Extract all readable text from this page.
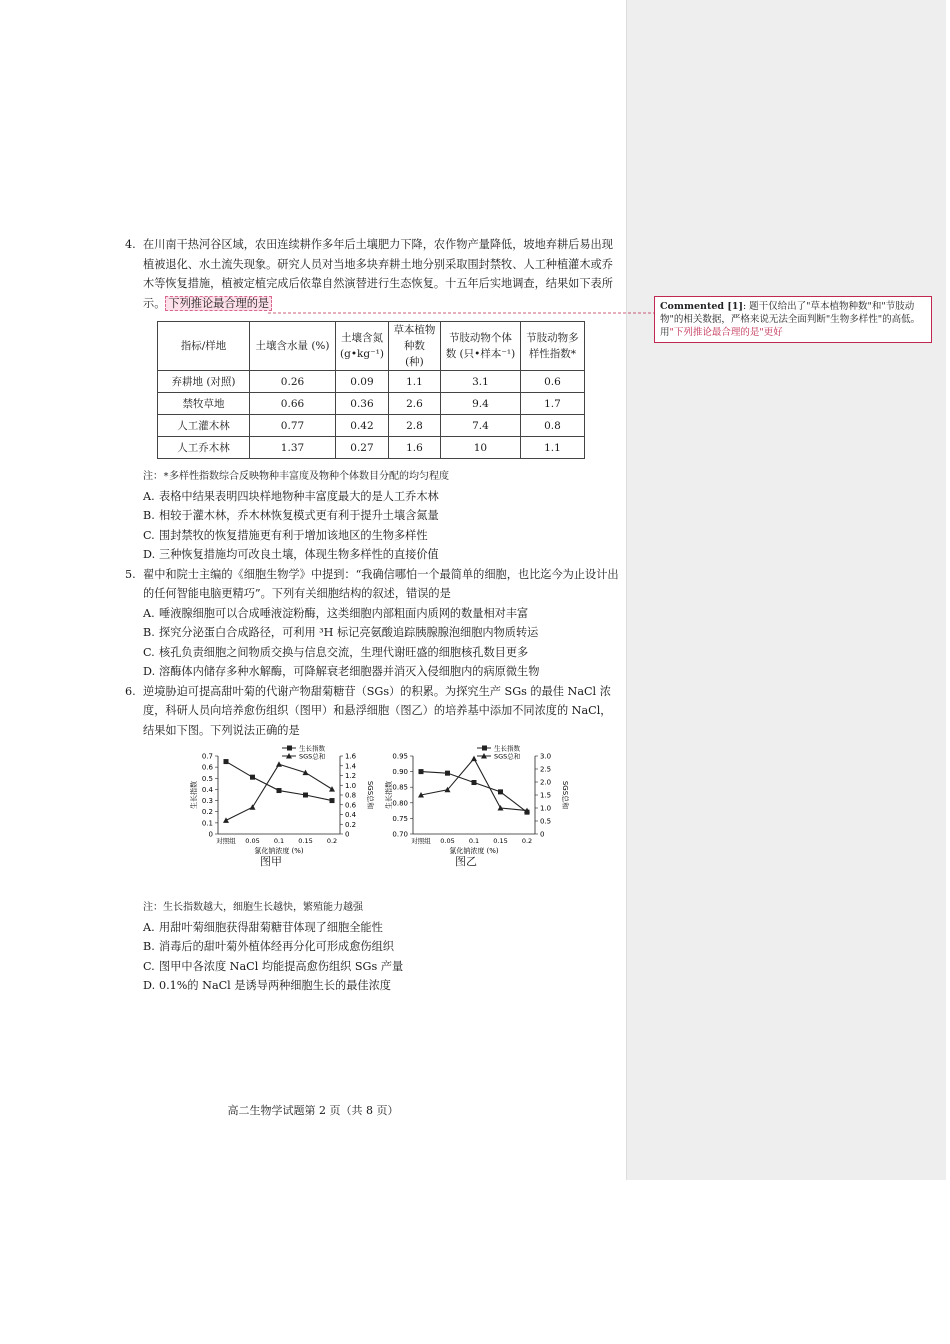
4. 在川南干热河谷区域，农田连续耕作多年后土壤肥力下降，农作物产量降低，坡地弃耕后易出现植被退化、水土流失现象。研究人员对当地多块弃耕土地分别采取围封禁牧、人工种植灌木或乔木等恢复措施，植被定植完成后依靠自然演替进行生态恢复。十五年后实地调查，结果如下表所示。 下列推论最合理的是
指标/样地	土壤含水量 (%)	土壤含氮 (g•kg⁻¹)	草本植物种数 (种)	节肢动物个体数 (只•样本⁻¹)	节肢动物多样性指数*
弃耕地 (对照)	0.26	0.09	1.1	3.1	0.6
禁牧草地	0.66	0.36	2.6	9.4	1.7
人工灌木林	0.77	0.42	2.8	7.4	0.8
人工乔木林	1.37	0.27	1.6	10	1.1
注：*多样性指数综合反映物种丰富度及物种个体数目分配的均匀程度
A. 表格中结果表明四块样地物种丰富度最大的是人工乔木林
B. 相较于灌木林，乔木林恢复模式更有利于提升土壤含氮量
C. 围封禁牧的恢复措施更有利于增加该地区的生物多样性
D. 三种恢复措施均可改良土壤，体现生物多样性的直接价值
5. 翟中和院士主编的《细胞生物学》中提到：“我确信哪怕一个最简单的细胞，也比迄今为止设计出的任何智能电脑更精巧”。下列有关细胞结构的叙述，错误的是
A. 唾液腺细胞可以合成唾液淀粉酶，这类细胞内部粗面内质网的数量相对丰富
B. 探究分泌蛋白合成路径，可利用 ³H 标记亮氨酸追踪胰腺腺泡细胞内物质转运
C. 核孔负责细胞之间物质交换与信息交流，生理代谢旺盛的细胞核孔数目更多
D. 溶酶体内储存多种水解酶，可降解衰老细胞器并消灭入侵细胞内的病原微生物
6. 逆境胁迫可提高甜叶菊的代谢产物甜菊糖苷（SGs）的积累。为探究生产 SGs 的最佳 NaCl 浓度，科研人员向培养愈伤组织（图甲）和悬浮细胞（图乙）的培养基中添加不同浓度的 NaCl，结果如下图。下列说法正确的是
0
0.1
0.2
0.3
0.4
0.5
0.6
0.7
0
0.2
0.4
0.6
0.8
1.0
1.2
1.4
1.6
对照组 0.05 0.1 0.15 0.2
生长指数	SGS总和
氯化钠浓度 (%)
生长指数
SGS总和
0.70
0.75
0.80
0.85
0.90
0.95
0
0.5
1.0
1.5
2.0
2.5
3.0
对照组 0.05 0.1 0.15 0.2
生长指数	SGS总和
氯化钠浓度 (%)
生长指数
SGS总和
图甲	图乙
注：生长指数越大，细胞生长越快，繁殖能力越强
A. 用甜叶菊细胞获得甜菊糖苷体现了细胞全能性
B. 消毒后的甜叶菊外植体经再分化可形成愈伤组织
C. 图甲中各浓度 NaCl 均能提高愈伤组织 SGs 产量
D. 0.1%的 NaCl 是诱导两种细胞生长的最佳浓度
高二生物学试题第 2 页（共 8 页）
Commented [1]: 题干仅给出了"草本植物种数"和"节肢动物"的相关数据，严格来说无法全面判断"生物多样性"的高低。用"下列推论最合理的是"更好
